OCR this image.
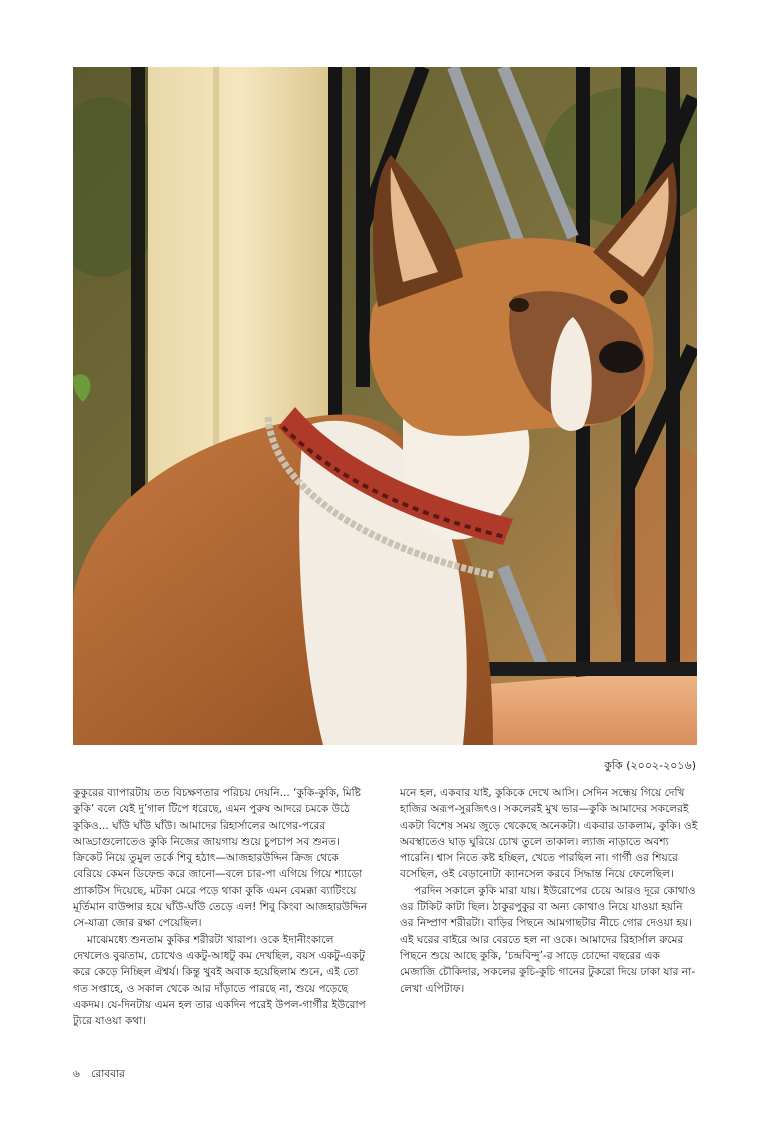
কুকি (২০০২-২০১৬)

কুকুরের ব্যাপারটায় তত বিচক্ষণতার পরিচয় দেয়নি... ‘কুকি-কুকি, মিষ্টি কুকি’ বলে যেই দু’গাল টিপে ধরেছে, এমন পুরুষ আদরে চমকে উঠে কুকিও... ঘাঁউ ঘাঁউ ঘাঁউ। আমাদের রিহার্সালের আগের-পরের আড্ডাগুলোতেও কুকি নিজের জায়গায় শুয়ে চুপচাপ সব শুনত। ক্রিকেট নিয়ে তুমুল তর্কে শিবু হঠাৎ—আজহারউদ্দিন ক্রিজ থেকে বেরিয়ে কেমন ডিফেন্ড করে জানো—বলে চার-পা এগিয়ে গিয়ে শ্যাডো প্র্যাকটিস দিয়েছে, মটকা মেরে পড়ে থাকা কুকি এমন বেমক্কা ব্যাটিংয়ে মূর্তিমান বাউন্সার হয়ে ঘাঁউ-ঘাঁউ তেড়ে এল! শিবু কিংবা আজহারউদ্দিন সে-যাত্রা জোর রক্ষা পেয়েছিল।

মাঝেমধ্যে শুনতাম কুকির শরীরটা খারাপ। ওকে ইদানীংকালে দেখলেও বুঝতাম, চোখেও একটু-আধটু কম দেখছিল, বয়স একটু-একটু করে কেড়ে নিচ্ছিল ঐশ্বর্য। কিন্তু খুবই অবাক হয়েছিলাম শুনে, এই তো গত সপ্তাহে, ও সকাল থেকে আর দাঁড়াতে পারছে না, শুয়ে পড়েছে একদম। যে-দিনটায় এমন হল তার একদিন পরেই উপল-গার্গীর ইউরোপ ট্যুরে যাওয়া কথা।

মনে হল, একবার যাই, কুকিকে দেখে আসি। সেদিন সন্ধেয় গিয়ে দেখি হাজির অরূপ-সুরজিৎও। সকলেরই মুখ ভার—কুকি আমাদের সকলেরই একটা বিশেষ সময় জুড়ে থেকেছে অনেকটা। একবার ডাকলাম, কুকি। ওই অবস্থাতেও ঘাড় ঘুরিয়ে চোখ তুলে তাকাল। ল্যাজ নাড়াতে অবশ্য পারেনি। শ্বাস নিতে কষ্ট হচ্ছিল, খেতে পারছিল না। গার্গী ওর শিয়রে বসেছিল, ওই বেড়ানোটা ক্যানসেল করবে সিদ্ধান্ত নিয়ে ফেলেছিল।

পরদিন সকালে কুকি মারা যায়। ইউরোপের চেয়ে আরও দূরে কোথাও ওর টিকিট কাটা ছিল। ঠাকুরপুকুর বা অন্য কোথাও নিয়ে যাওয়া হয়নি ওর নিষ্প্রাণ শরীরটা। বাড়ির পিছনে আমগাছটার নীচে গোর দেওয়া হয়। এই ঘরের বাইরে আর বেরতে হল না ওকে। আমাদের রিহার্সাল রুমের পিছনে শুয়ে আছে কুকি, ‘চন্দ্রবিন্দু’-র সাড়ে চোদ্দো বছরের এক মেজাজি চৌকিদার, সকলের কুচি-কুচি গানের টুকরো দিয়ে ঢাকা যার না-লেখা এপিটাফ।

৬ রোববার
